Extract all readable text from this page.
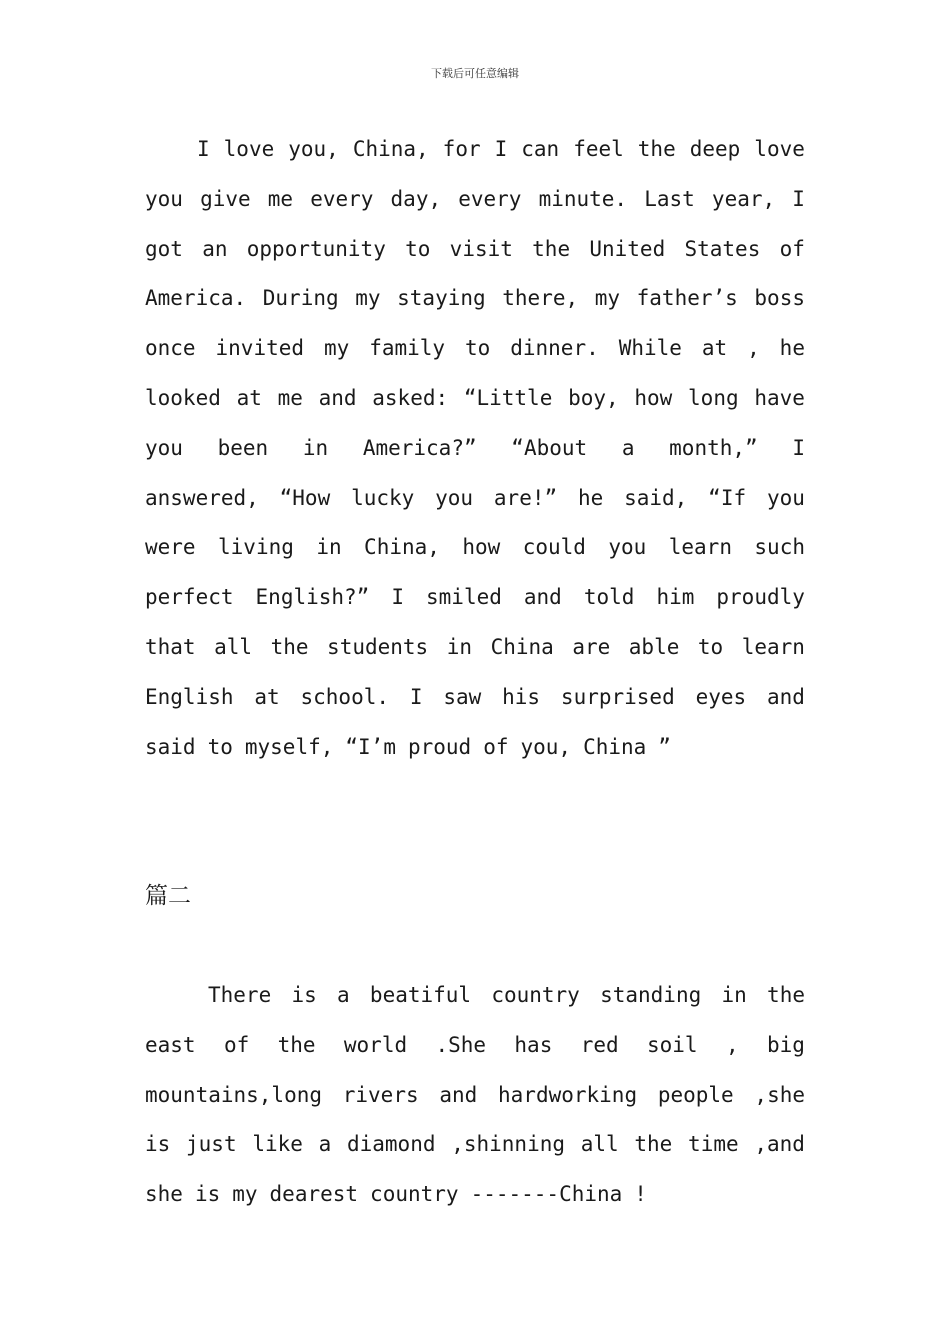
下载后可任意编辑
I love you, China, for I can feel the deep love
you give me every day, every minute. Last year, I
got an opportunity to visit the United States of
America. During my staying there, my father’s boss
once invited my family to dinner. While at , he
looked at me and asked: “Little boy, how long have
you been in America?” “About a month,” I
answered, “How lucky you are!” he said, “If you
were living in China, how could you learn such
perfect English?” I smiled and told him proudly
that all the students in China are able to learn
English at school. I saw his surprised eyes and
said to myself, “I’m proud of you, China ”
篇二
There is a beatiful country standing in the
east of the world .She has red soil , big
mountains,long rivers and hardworking people ,she
is just like a diamond ,shinning all the time ,and
she is my dearest country -------China !
